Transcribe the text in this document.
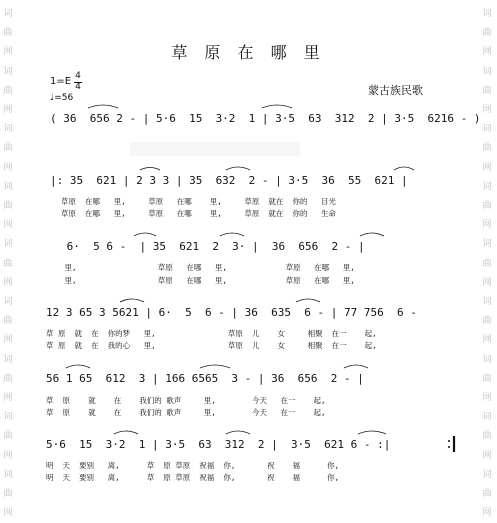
词
曲
网
词
曲
网
词
曲
网
词
曲
网
词
曲
网
词
曲
网
词
曲
网
词
曲
网
词
曲
网
词
曲
网
词
曲
网
词
曲
网
词
曲
网
词
曲
网
词
曲
网
词
曲
网
词
曲
网
词
曲
网
草 原 在 哪 里
1=E 4
4
♩=56
蒙古族民歌
( 36  656 2 - | 5·6  15  3·2  1 | 3·5  63  312  2 | 3·5  6216 - )
|: 35  621 | 2 3 3 | 35  632  2 - | 3·5  36  55  621 |
草原  在哪   里,     草原   在哪    里,     草原  就在  你的   目光
草原  在哪   里,     草原   在哪    里,     草原  就在  你的   生命
6·  5 6 -  | 35  621  2  3· |  36  656  2 - |
里,                  草原   在哪   里,             草原   在哪   里,
里,                  草原   在哪   里,             草原   在哪   里,
12 3 65 3 5621 | 6·  5  6 - | 36  635  6 - | 77 756  6 -
草 原  就  在  你的梦   里,                草原  儿    女     相聚  在一    起,
草 原  就  在  我的心   里,                草原  儿    女     相聚  在一    起,
56 1 65  612  3 | 166 6565  3 - | 36  656  2 - |
草  原    就    在    我们的 歌声     里,        今天   在一    起,
草  原    就    在    我们的 歌声     里,        今天   在一    起,
5·6  15  3·2  1 | 3·5  63  312  2 |  3·5  621 6 - :|
明  天  要别   离,      草  原 草原  祝福  你,       祝    福      你,
明  天  要别   离,      草  原 草原  祝福  你,       祝    福      你,
